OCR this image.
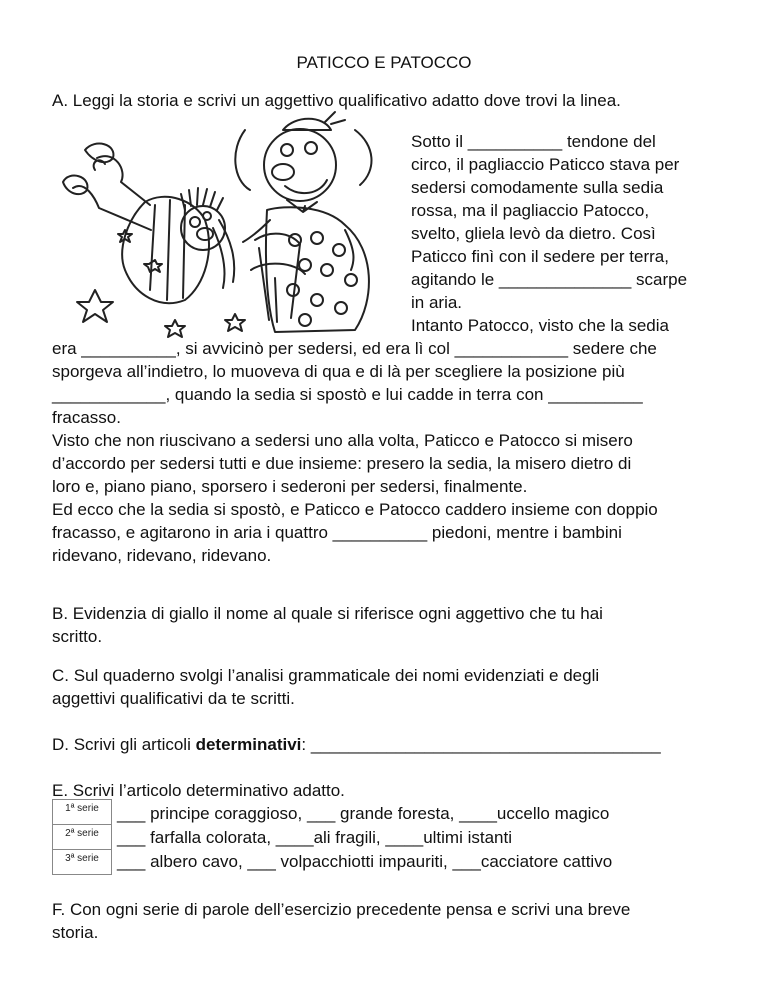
PATICCO E PATOCCO
A. Leggi la storia e scrivi un aggettivo qualificativo adatto dove trovi la linea.
Sotto il __________ tendone del
circo, il pagliaccio Paticco stava per
sedersi comodamente sulla sedia
rossa, ma il pagliaccio Patocco,
svelto, gliela levò da dietro. Così
Paticco finì con il sedere per terra,
agitando le ______________ scarpe
in aria.
Intanto Patocco, visto che la sedia
era __________, si avvicinò per sedersi, ed era lì col ____________ sedere che
sporgeva all’indietro, lo muoveva di qua e di là per scegliere la posizione più
____________, quando la sedia si spostò e lui cadde in terra con __________
fracasso.
Visto che non riuscivano a sedersi uno alla volta, Paticco e Patocco si misero
d’accordo per sedersi tutti e due insieme: presero la sedia, la misero dietro di
loro e, piano piano, sporsero i sederoni per sedersi, finalmente.
Ed ecco che la sedia si spostò, e Paticco e Patocco caddero insieme con doppio
fracasso, e agitarono in aria i quattro __________ piedoni, mentre i bambini
ridevano, ridevano, ridevano.
B. Evidenzia di giallo il nome al quale si riferisce ogni aggettivo che tu hai
scritto.
C. Sul quaderno svolgi l’analisi grammaticale dei nomi evidenziati e degli
aggettivi qualificativi da te scritti.
D. Scrivi gli articoli determinativi: _____________________________________
E. Scrivi l’articolo determinativo adatto.
1ª serie
2ª serie
3ª serie
___ principe coraggioso, ___ grande foresta, ____uccello magico
___ farfalla colorata, ____ali fragili, ____ultimi istanti
___ albero cavo, ___ volpacchiotti impauriti, ___cacciatore cattivo
F. Con ogni serie di parole dell’esercizio precedente pensa e scrivi una breve
storia.
